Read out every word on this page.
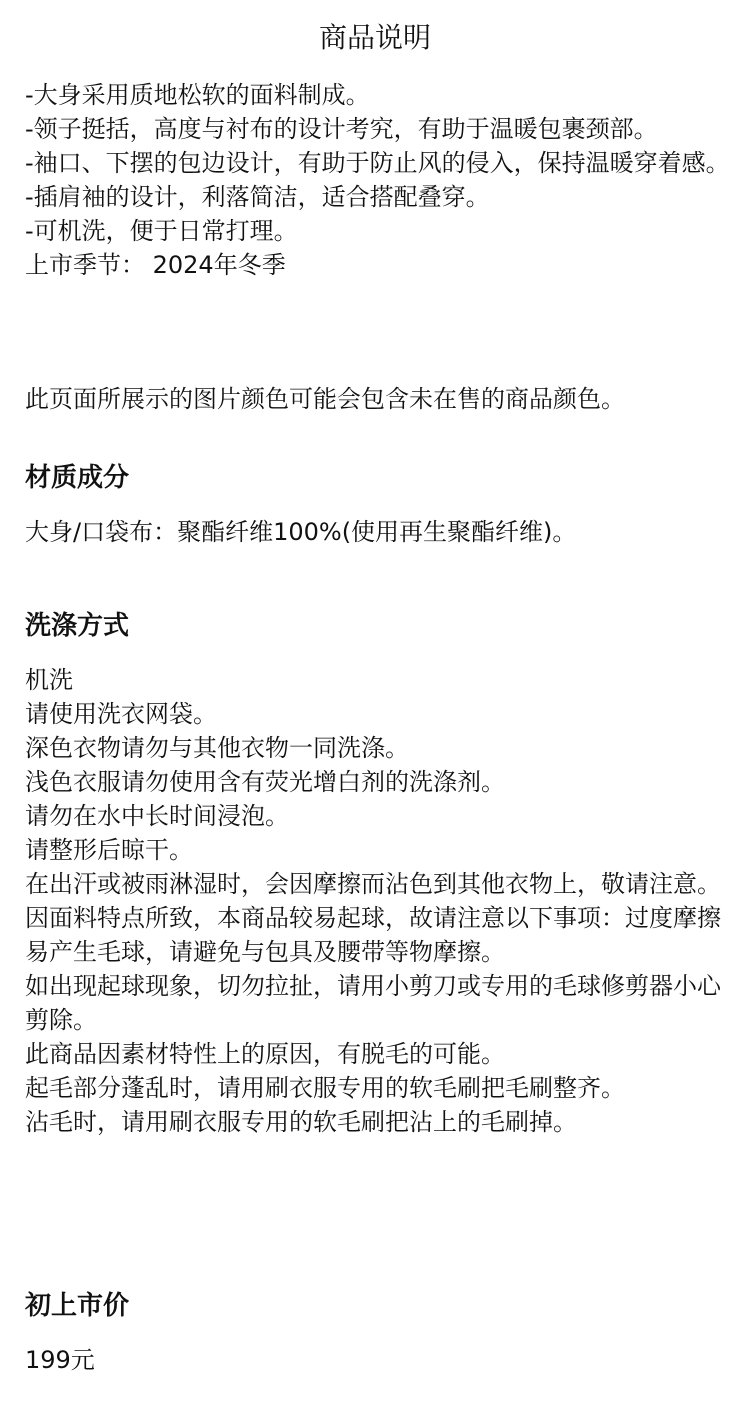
商品说明

-大身采用质地松软的面料制成。

-领子挺括，高度与衬布的设计考究，有助于温暖包裹颈部。

-袖口、下摆的包边设计，有助于防止风的侵入，保持温暖穿着感。

-插肩袖的设计，利落简洁，适合搭配叠穿。

-可机洗，便于日常打理。

上市季节： 2024年冬季

此页面所展示的图片颜色可能会包含未在售的商品颜色。

材质成分

大身/口袋布：聚酯纤维100%(使用再生聚酯纤维)。

洗涤方式

机洗

请使用洗衣网袋。

深色衣物请勿与其他衣物一同洗涤。

浅色衣服请勿使用含有荧光增白剂的洗涤剂。

请勿在水中长时间浸泡。

请整形后晾干。

在出汗或被雨淋湿时，会因摩擦而沾色到其他衣物上，敬请注意。

因面料特点所致，本商品较易起球，故请注意以下事项：过度摩擦易产生毛球，请避免与包具及腰带等物摩擦。

如出现起球现象，切勿拉扯，请用小剪刀或专用的毛球修剪器小心剪除。

此商品因素材特性上的原因，有脱毛的可能。

起毛部分蓬乱时，请用刷衣服专用的软毛刷把毛刷整齐。

沾毛时，请用刷衣服专用的软毛刷把沾上的毛刷掉。

初上市价

199元
